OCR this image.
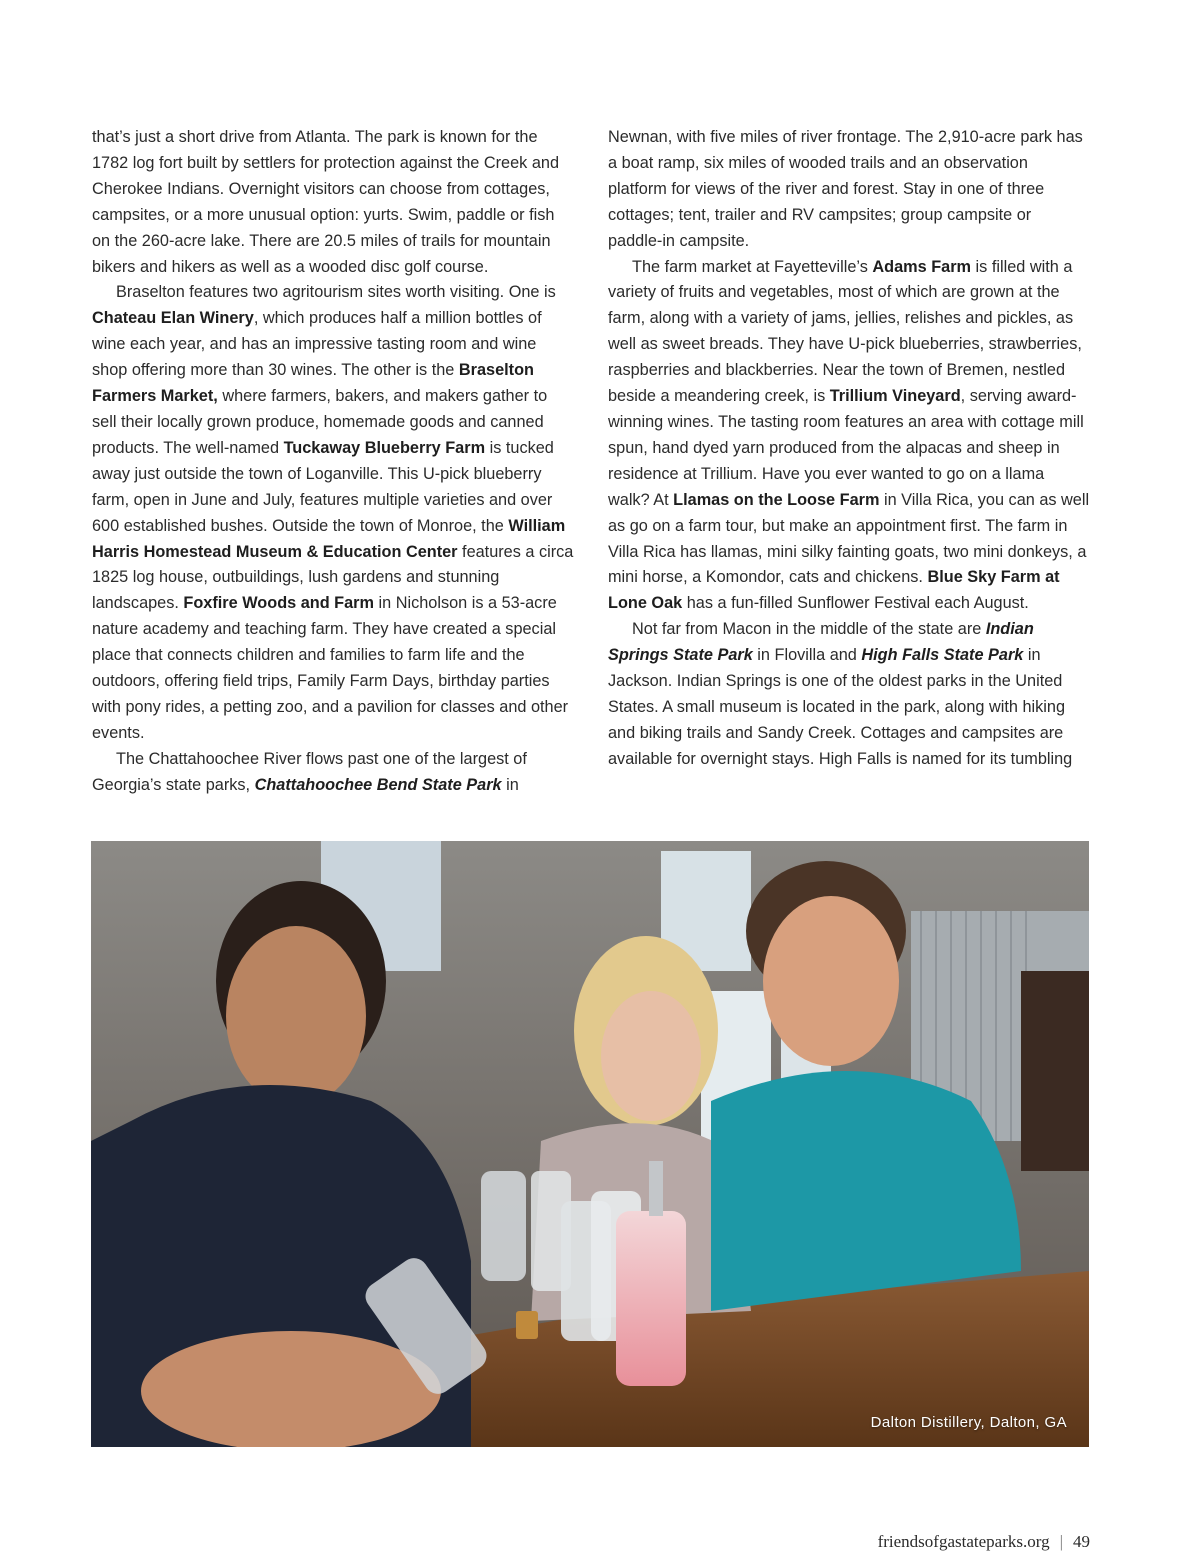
that’s just a short drive from Atlanta. The park is known for the 1782 log fort built by settlers for protection against the Creek and Cherokee Indians. Overnight visitors can choose from cottages, campsites, or a more unusual option: yurts. Swim, paddle or fish on the 260-acre lake. There are 20.5 miles of trails for mountain bikers and hikers as well as a wooded disc golf course.

Braselton features two agritourism sites worth visiting. One is Chateau Elan Winery, which produces half a million bottles of wine each year, and has an impressive tasting room and wine shop offering more than 30 wines. The other is the Braselton Farmers Market, where farmers, bakers, and makers gather to sell their locally grown produce, homemade goods and canned products. The well-named Tuckaway Blueberry Farm is tucked away just outside the town of Loganville. This U-pick blueberry farm, open in June and July, features multiple varieties and over 600 established bushes. Outside the town of Monroe, the William Harris Homestead Museum & Education Center features a circa 1825 log house, outbuildings, lush gardens and stunning landscapes. Foxfire Woods and Farm in Nicholson is a 53-acre nature academy and teaching farm. They have created a special place that connects children and families to farm life and the outdoors, offering field trips, Family Farm Days, birthday parties with pony rides, a petting zoo, and a pavilion for classes and other events.

The Chattahoochee River flows past one of the largest of Georgia’s state parks, Chattahoochee Bend State Park in

Newnan, with five miles of river frontage. The 2,910-acre park has a boat ramp, six miles of wooded trails and an observation platform for views of the river and forest. Stay in one of three cottages; tent, trailer and RV campsites; group campsite or paddle-in campsite.

The farm market at Fayetteville’s Adams Farm is filled with a variety of fruits and vegetables, most of which are grown at the farm, along with a variety of jams, jellies, relishes and pickles, as well as sweet breads. They have U-pick blueberries, strawberries, raspberries and blackberries. Near the town of Bremen, nestled beside a meandering creek, is Trillium Vineyard, serving award-winning wines. The tasting room features an area with cottage mill spun, hand dyed yarn produced from the alpacas and sheep in residence at Trillium. Have you ever wanted to go on a llama walk? At Llamas on the Loose Farm in Villa Rica, you can as well as go on a farm tour, but make an appointment first. The farm in Villa Rica has llamas, mini silky fainting goats, two mini donkeys, a mini horse, a Komondor, cats and chickens. Blue Sky Farm at Lone Oak has a fun-filled Sunflower Festival each August.

Not far from Macon in the middle of the state are Indian Springs State Park in Flovilla and High Falls State Park in Jackson. Indian Springs is one of the oldest parks in the United States. A small museum is located in the park, along with hiking and biking trails and Sandy Creek. Cottages and campsites are available for overnight stays. High Falls is named for its tumbling

Dalton Distillery, Dalton, GA
friendsofgastateparks.org | 49
